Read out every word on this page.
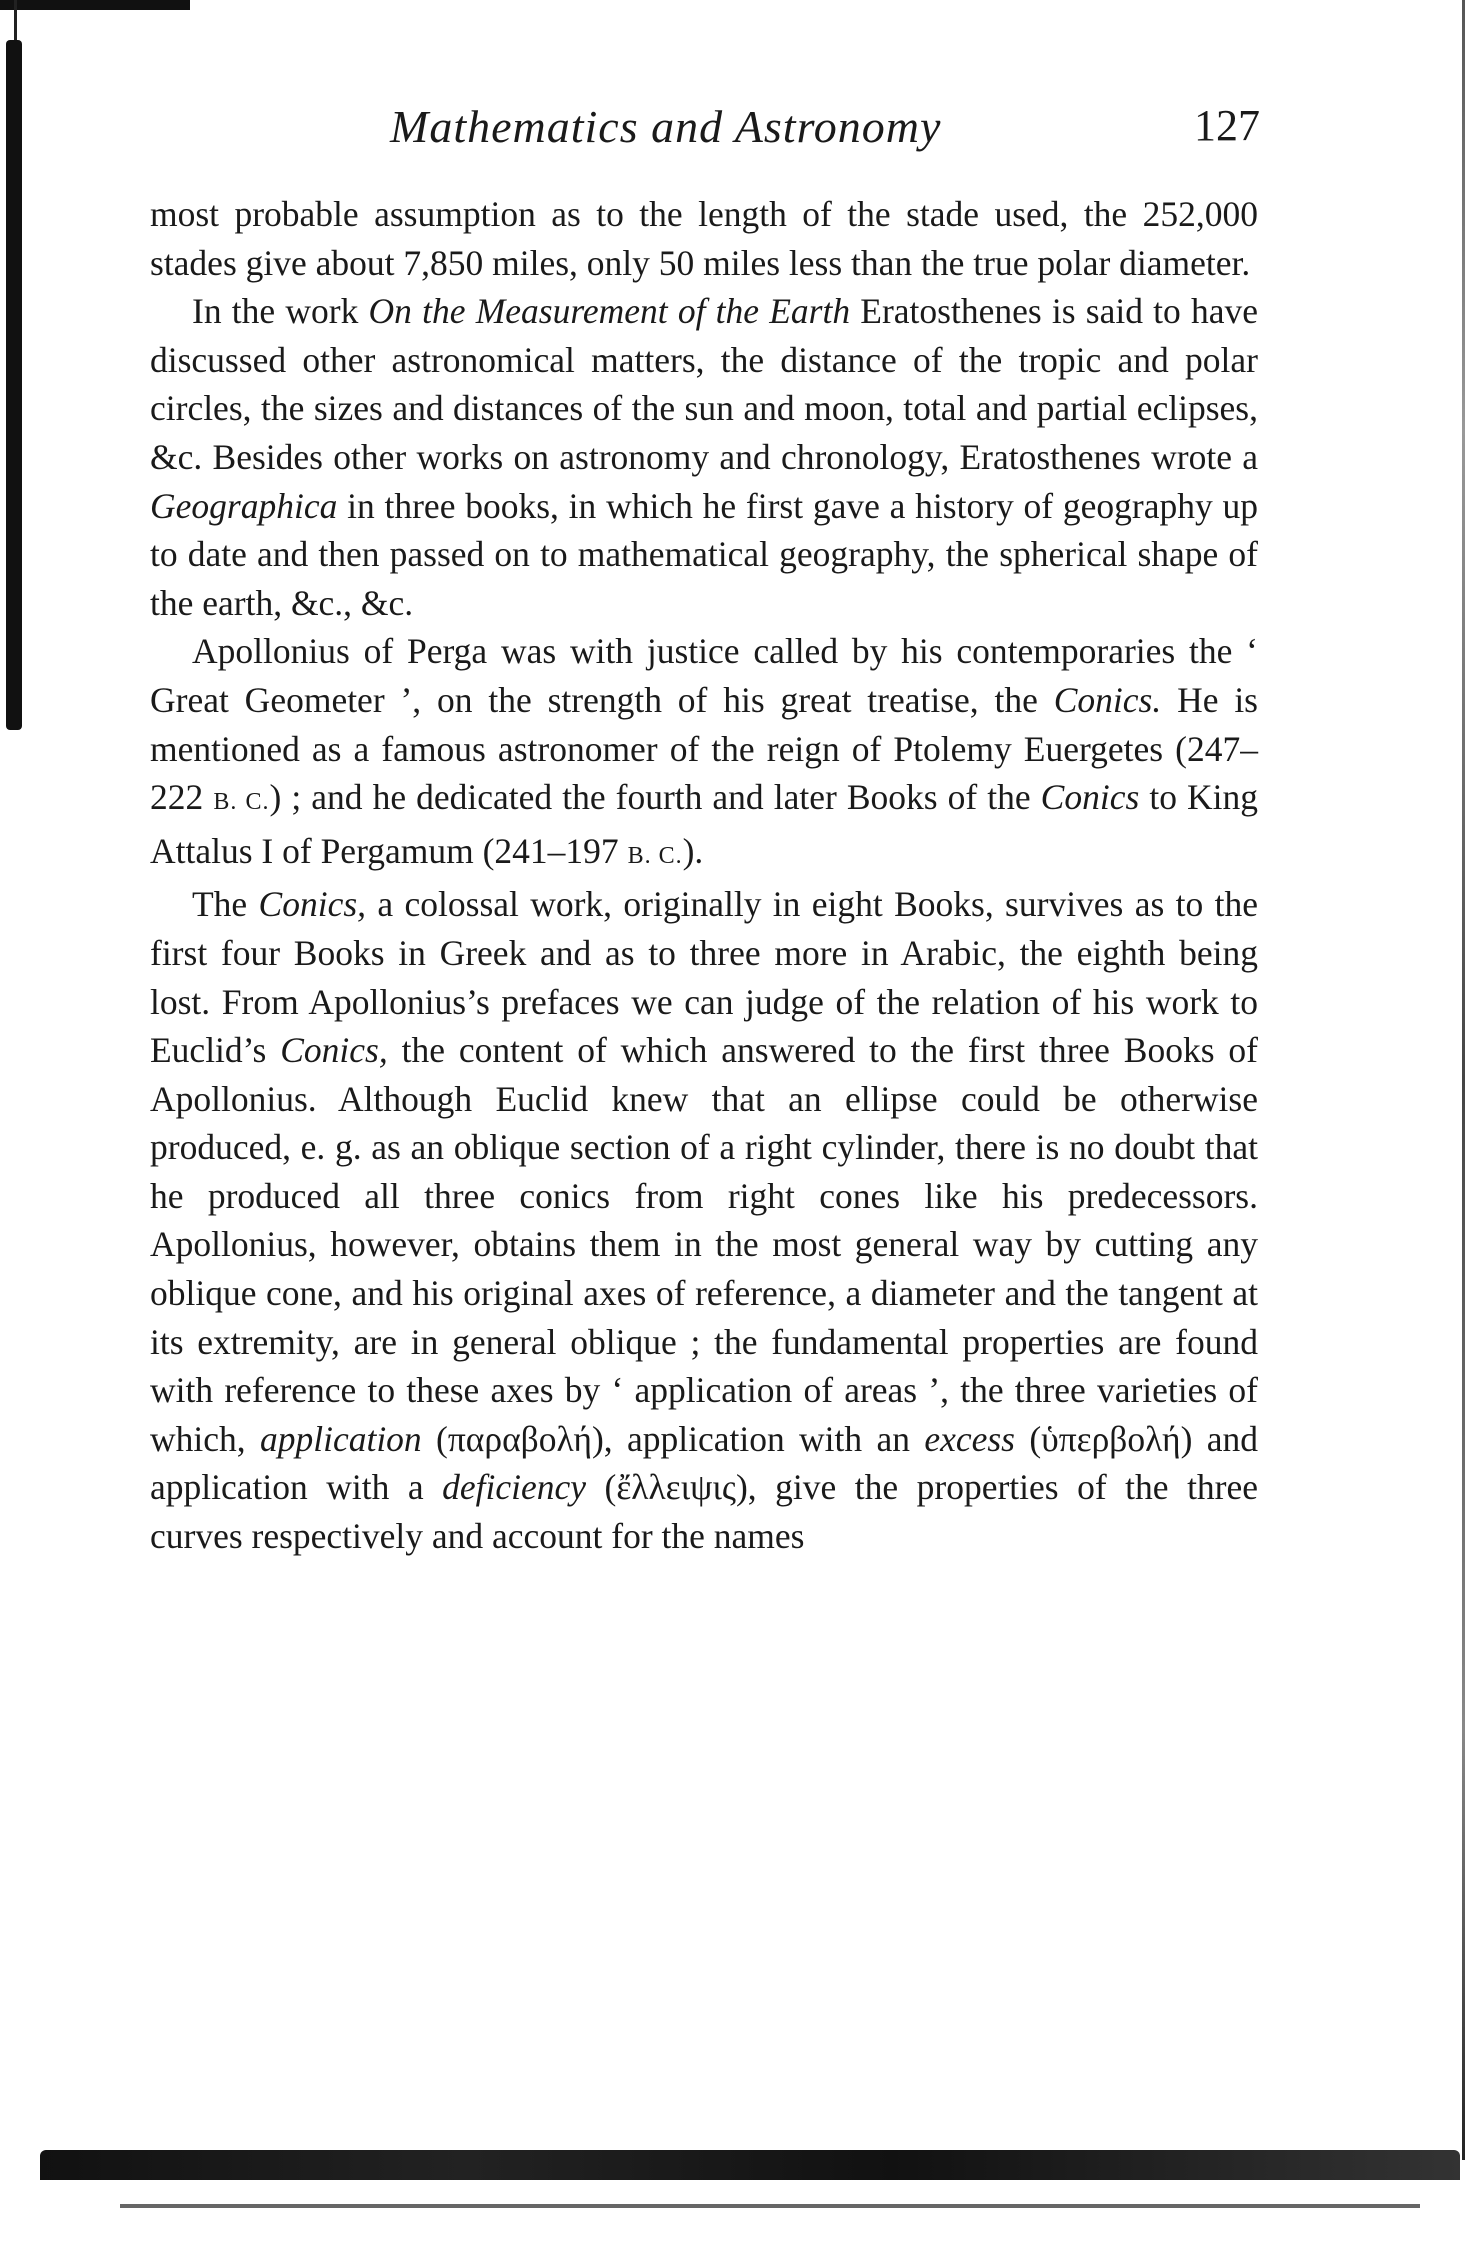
Mathematics and Astronomy	127

most probable assumption as to the length of the stade used, the 252,000 stades give about 7,850 miles, only 50 miles less than the true polar diameter.

In the work On the Measurement of the Earth Eratosthenes is said to have discussed other astronomical matters, the distance of the tropic and polar circles, the sizes and distances of the sun and moon, total and partial eclipses, &c. Besides other works on astronomy and chronology, Eratosthenes wrote a Geographica in three books, in which he first gave a history of geography up to date and then passed on to mathematical geography, the spherical shape of the earth, &c., &c.

Apollonius of Perga was with justice called by his contemporaries the ‘ Great Geometer ’, on the strength of his great treatise, the Conics. He is mentioned as a famous astronomer of the reign of Ptolemy Euergetes (247–222 B. C.) ; and he dedicated the fourth and later Books of the Conics to King Attalus I of Pergamum (241–197 B. C.).

The Conics, a colossal work, originally in eight Books, survives as to the first four Books in Greek and as to three more in Arabic, the eighth being lost. From Apollonius’s prefaces we can judge of the relation of his work to Euclid’s Conics, the content of which answered to the first three Books of Apollonius. Although Euclid knew that an ellipse could be otherwise produced, e. g. as an oblique section of a right cylinder, there is no doubt that he produced all three conics from right cones like his predecessors. Apollonius, however, obtains them in the most general way by cutting any oblique cone, and his original axes of reference, a diameter and the tangent at its extremity, are in general oblique ; the fundamental properties are found with reference to these axes by ‘ application of areas ’, the three varieties of which, application (παραβολή), application with an excess (ὑπερβολή) and application with a deficiency (ἔλλειψις), give the properties of the three curves respectively and account for the names
